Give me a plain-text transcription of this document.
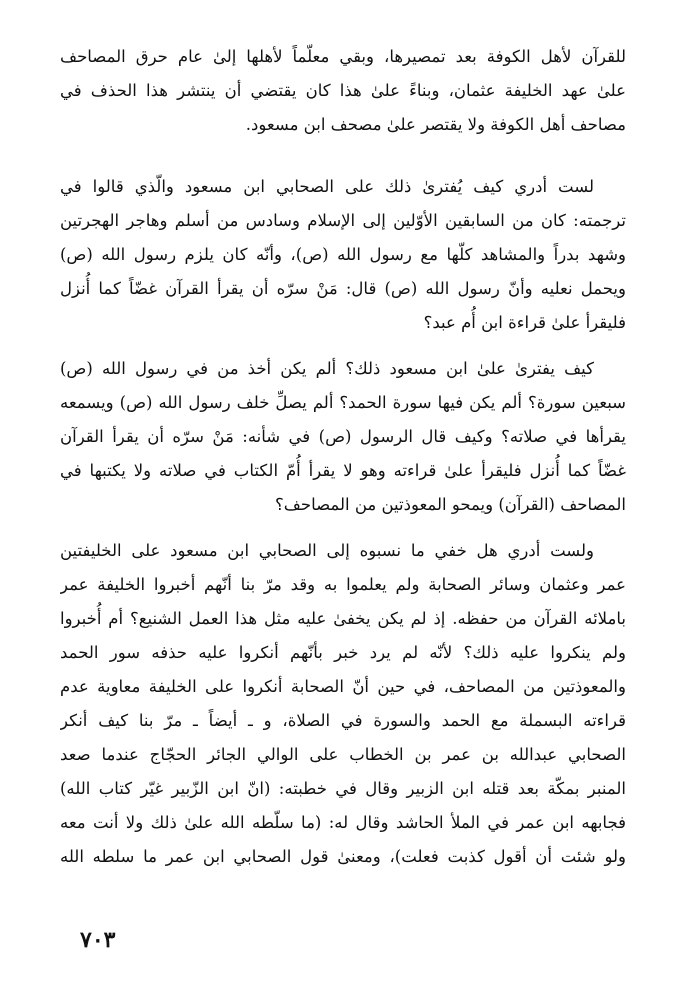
للقرآن لأهل الكوفة بعد تمصيرها، وبقي معلّماً لأهلها إلىٰ عام حرق المصاحف
علىٰ عهد الخليفة عثمان، وبناءً علىٰ هذا كان يقتضي أن ينتشر هذا الحذف في
مصاحف أهل الكوفة ولا يقتصر علىٰ مصحف ابن مسعود.
لست أدري كيف يُفترىٰ ذلك على الصحابي ابن مسعود والّذي قالوا في
ترجمته: كان من السابقين الأوّلين إلى الإسلام وسادس من أسلم وهاجر الهجرتين
وشهد بدراً والمشاهد كلّها مع رسول الله (ص)، وأنّه كان يلزم رسول الله (ص)
ويحمل نعليه وأنّ رسول الله (ص) قال: مَنْ سرّه أن يقرأ القرآن غضّاً كما أُنزل
فليقرأ علىٰ قراءة ابن أُم عبد؟
كيف يفترىٰ علىٰ ابن مسعود ذلك؟ ألم يكن أخذ من في رسول الله (ص)
سبعين سورة؟ ألم يكن فيها سورة الحمد؟ ألم يصلِّ خلف رسول الله (ص) ويسمعه
يقرأها في صلاته؟ وكيف قال الرسول (ص) في شأنه: مَنْ سرّه أن يقرأ القرآن
غضّاً كما أُنزل فليقرأ علىٰ قراءته وهو لا يقرأ أُمّ الكتاب في صلاته ولا يكتبها في
المصاحف (القرآن) ويمحو المعوذتين من المصاحف؟
ولست أدري هل خفي ما نسبوه إلى الصحابي ابن مسعود على الخليفتين
عمر وعثمان وسائر الصحابة ولم يعلموا به وقد مرّ بنا أنّهم أخبروا الخليفة عمر
باملائه القرآن من حفظه. إذ لم يكن يخفىٰ عليه مثل هذا العمل الشنيع؟ أم أُخبروا
ولم ينكروا عليه ذلك؟ لأنّه لم يرد خبر بأنّهم أنكروا عليه حذفه سور الحمد
والمعوذتين من المصاحف، في حين أنّ الصحابة أنكروا على الخليفة معاوية عدم
قراءته البسملة مع الحمد والسورة في الصلاة، و ـ أيضاً ـ مرّ بنا كيف أنكر
الصحابي عبدالله بن عمر بن الخطاب على الوالي الجائر الحجّاج عندما صعد
المنبر بمكّة بعد قتله ابن الزبير وقال في خطبته: (انّ ابن الزّبير غيّر كتاب الله)
فجابهه ابن عمر في الملأ الحاشد وقال له: (ما سلّطه الله علىٰ ذلك ولا أنت معه
ولو شئت أن أقول كذبت فعلت)، ومعنىٰ قول الصحابي ابن عمر ما سلطه الله
٧٠٣
